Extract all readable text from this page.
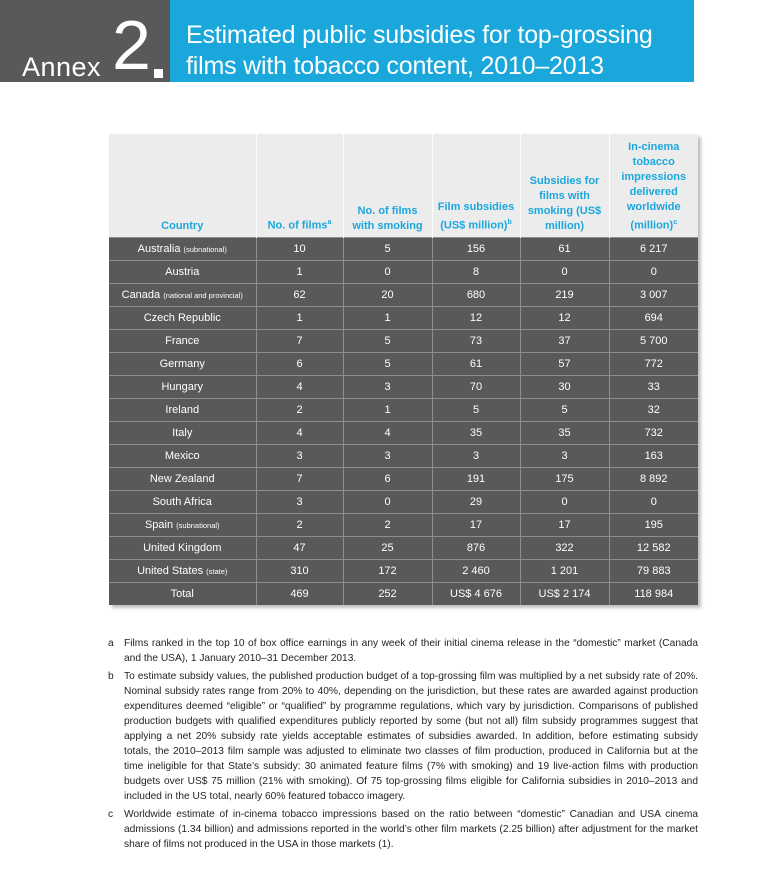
Annex 2 Estimated public subsidies for top-grossing
films with tobacco content, 2010–2013
Country	No. of films$^a$	No. of films with smoking	Film subsidies (US$ million)$^b$	Subsidies for films with smoking (US$ million)	In-cinema tobacco impressions delivered worldwide (million)$^c$
Australia (subnational)	10	5	156	61	6 217
Austria	1	0	8	0	0
Canada (national and provincial)	62	20	680	219	3 007
Czech Republic	1	1	12	12	694
France	7	5	73	37	5 700
Germany	6	5	61	57	772
Hungary	4	3	70	30	33
Ireland	2	1	5	5	32
Italy	4	4	35	35	732
Mexico	3	3	3	3	163
New Zealand	7	6	191	175	8 892
South Africa	3	0	29	0	0
Spain (subnational)	2	2	17	17	195
United Kingdom	47	25	876	322	12 582
United States (state)	310	172	2 460	1 201	79 883
Total	469	252	US$ 4 676	US$ 2 174	118 984
a	Films ranked in the top 10 of box office earnings in any week of their initial cinema release in the “domestic” market (Canada and the USA), 1 January 2010–31 December 2013.
b	To estimate subsidy values, the published production budget of a top-grossing film was multiplied by a net subsidy rate of 20%. Nominal subsidy rates range from 20% to 40%, depending on the jurisdiction, but these rates are awarded against production expenditures deemed “eligible” or “qualified” by programme regulations, which vary by jurisdiction. Comparisons of published production budgets with qualified expenditures publicly reported by some (but not all) film subsidy programmes suggest that applying a net 20% subsidy rate yields acceptable estimates of subsidies awarded. In addition, before estimating subsidy totals, the 2010–2013 film sample was adjusted to eliminate two classes of film production, produced in California but at the time ineligible for that State’s subsidy: 30 animated feature films (7% with smoking) and 19 live-action films with production budgets over US$ 75 million (21% with smoking). Of 75 top-grossing films eligible for California subsidies in 2010–2013 and included in the US total, nearly 60% featured tobacco imagery.
c	Worldwide estimate of in-cinema tobacco impressions based on the ratio between “domestic” Canadian and USA cinema admissions (1.34 billion) and admissions reported in the world’s other film markets (2.25 billion) after adjustment for the market share of films not produced in the USA in those markets (1).
